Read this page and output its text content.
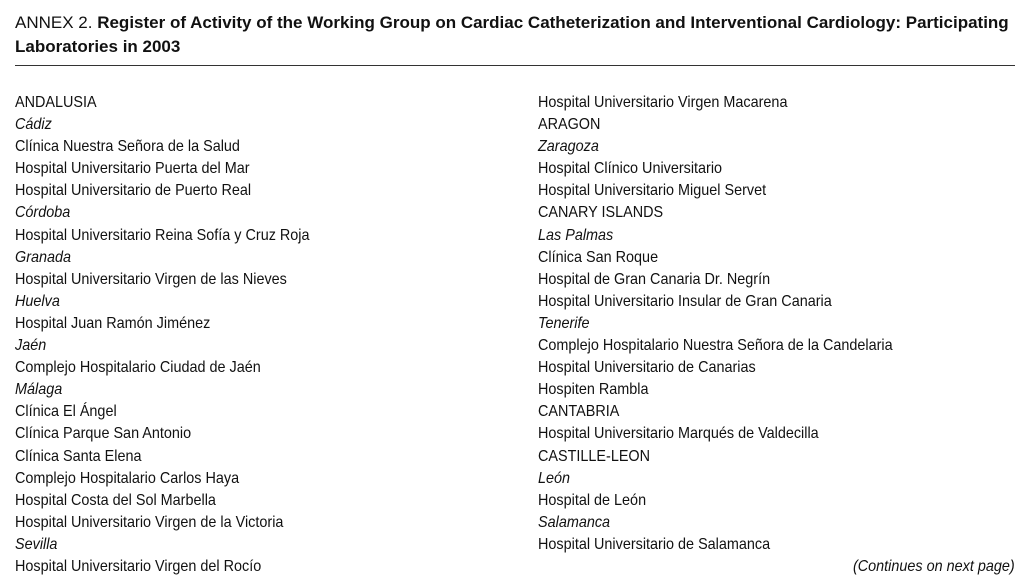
ANNEX 2. Register of Activity of the Working Group on Cardiac Catheterization and Interventional Cardiology: Participating Laboratories in 2003
ANDALUSIA
Cádiz
Clínica Nuestra Señora de la Salud
Hospital Universitario Puerta del Mar
Hospital Universitario de Puerto Real
Córdoba
Hospital Universitario Reina Sofía y Cruz Roja
Granada
Hospital Universitario Virgen de las Nieves
Huelva
Hospital Juan Ramón Jiménez
Jaén
Complejo Hospitalario Ciudad de Jaén
Málaga
Clínica El Ángel
Clínica Parque San Antonio
Clínica Santa Elena
Complejo Hospitalario Carlos Haya
Hospital Costa del Sol Marbella
Hospital Universitario Virgen de la Victoria
Sevilla
Hospital Universitario Virgen del Rocío
Hospital Universitario Virgen Macarena
ARAGON
Zaragoza
Hospital Clínico Universitario
Hospital Universitario Miguel Servet
CANARY ISLANDS
Las Palmas
Clínica San Roque
Hospital de Gran Canaria Dr. Negrín
Hospital Universitario Insular de Gran Canaria
Tenerife
Complejo Hospitalario Nuestra Señora de la Candelaria
Hospital Universitario de Canarias
Hospiten Rambla
CANTABRIA
Hospital Universitario Marqués de Valdecilla
CASTILLE-LEON
León
Hospital de León
Salamanca
Hospital Universitario de Salamanca
(Continues on next page)
